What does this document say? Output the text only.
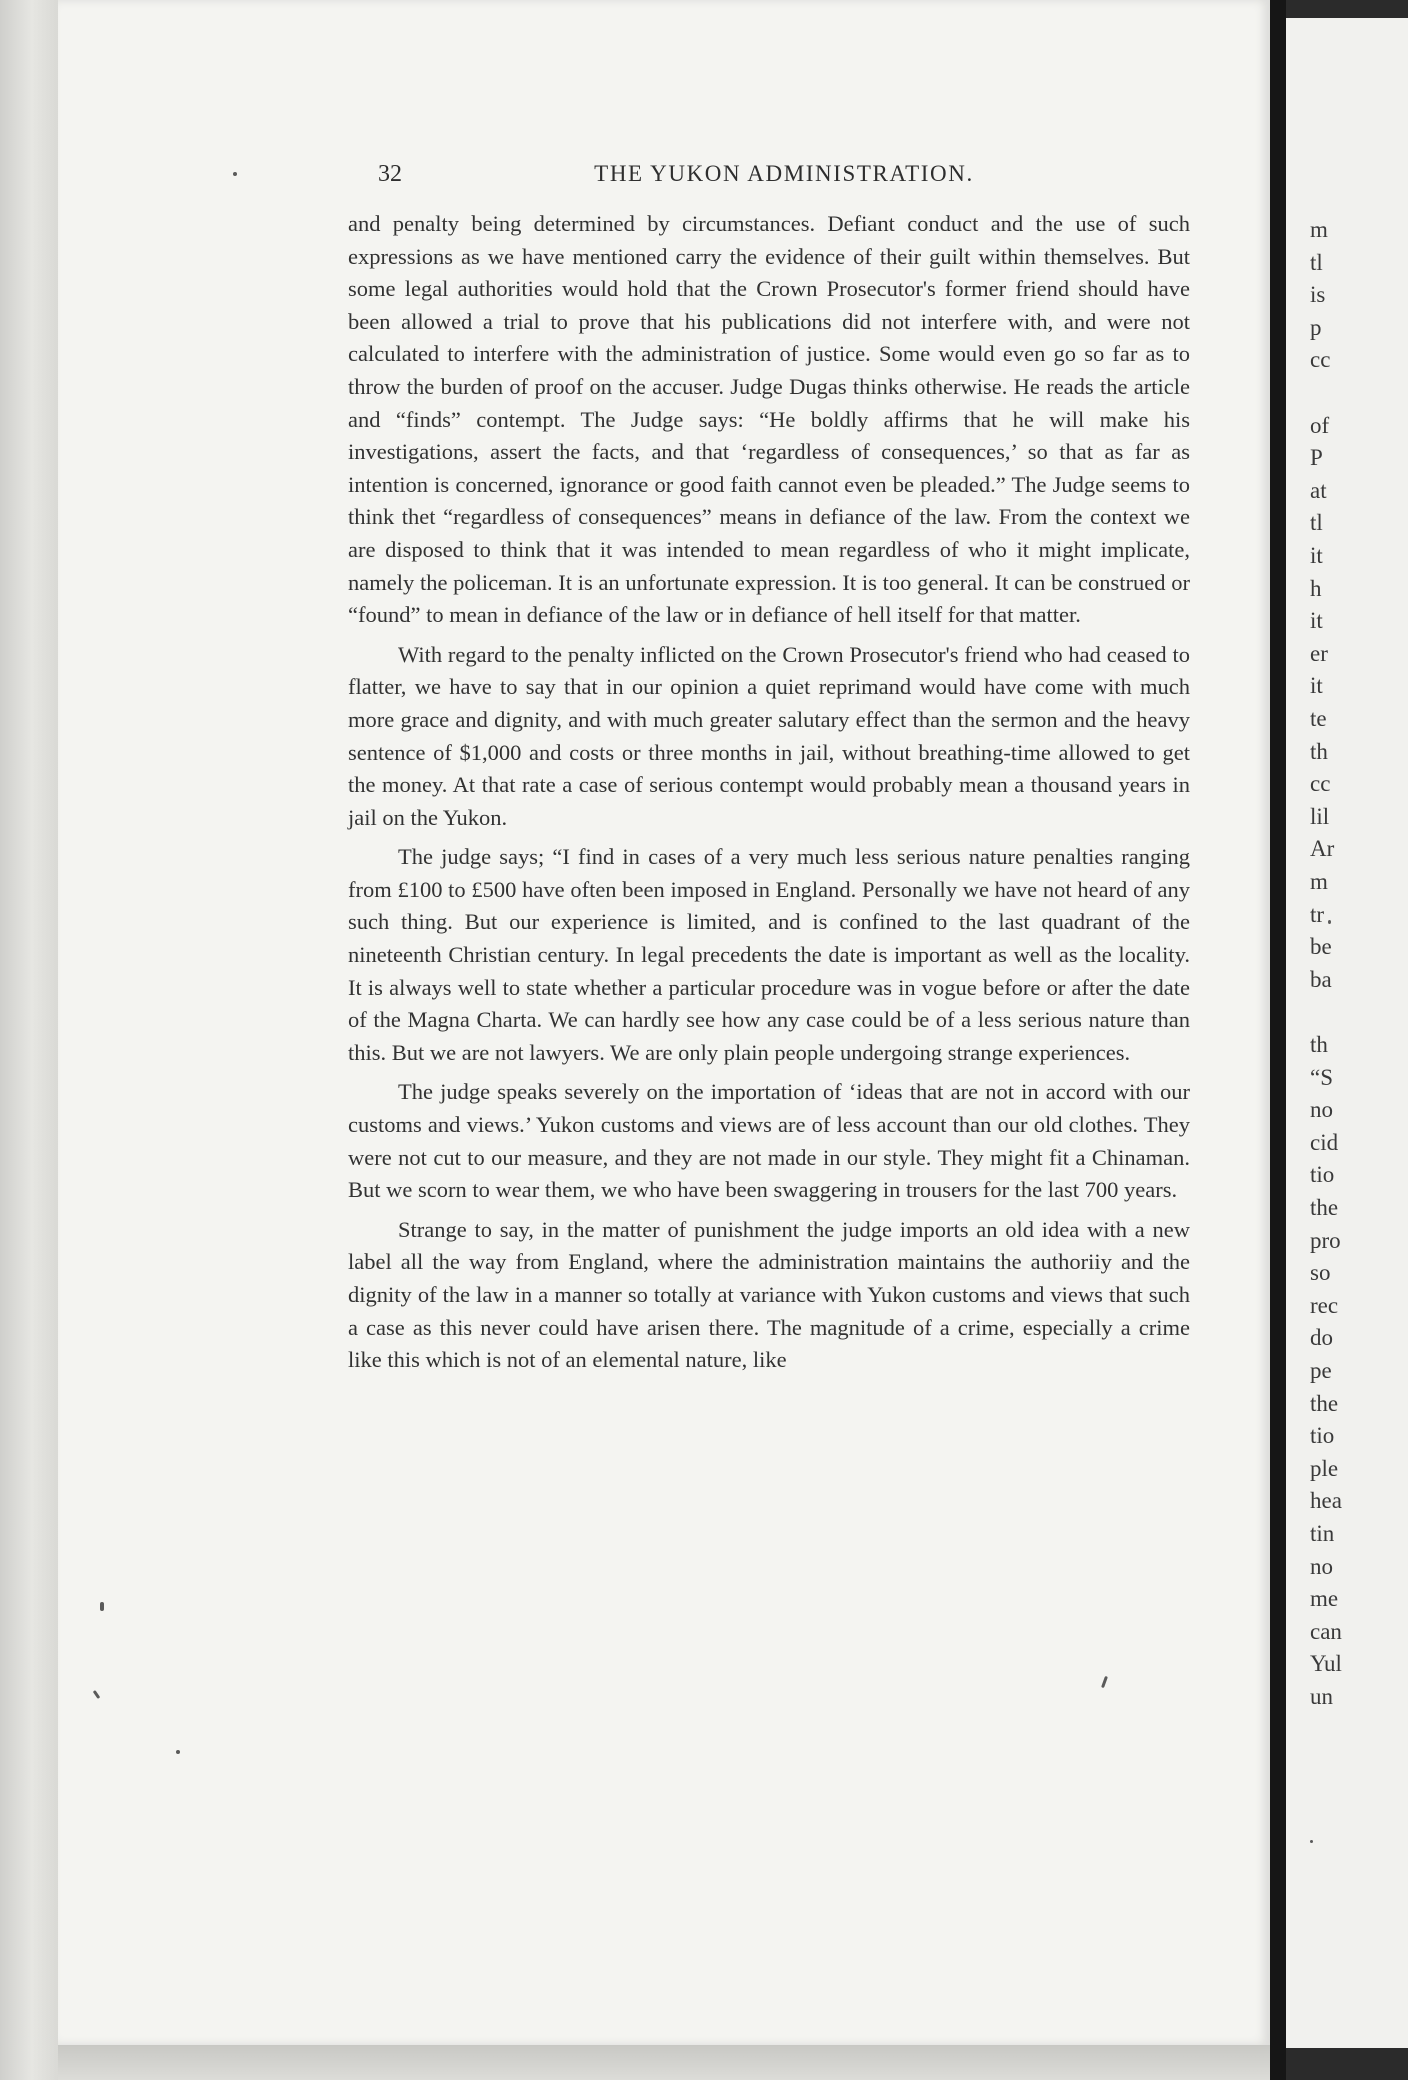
m
tl
is
p
cc
of
P
at
tl
it
h
it
er
it
te
th
cc
lil
Ar
m
tr
be
ba
th
“S
no
cid
tio
the
pro
so
rec
do
pe
the
tio
ple
hea
tin
no
me
can
Yul
un
32	THE YUKON ADMINISTRATION.

and penalty being determined by circumstances. Defiant conduct and the use of such expressions as we have mentioned carry the evidence of their guilt within themselves. But some legal authorities would hold that the Crown Prosecutor's former friend should have been allowed a trial to prove that his publications did not interfere with, and were not calculated to interfere with the administration of justice. Some would even go so far as to throw the burden of proof on the accuser. Judge Dugas thinks otherwise. He reads the article and “finds” contempt. The Judge says: “He boldly affirms that he will make his investigations, assert the facts, and that ‘regardless of consequences,’ so that as far as intention is concerned, ignorance or good faith cannot even be pleaded.” The Judge seems to think thet “regardless of consequences” means in defiance of the law. From the context we are disposed to think that it was intended to mean regardless of who it might implicate, namely the policeman. It is an unfortunate expression. It is too general. It can be construed or “found” to mean in defiance of the law or in defiance of hell itself for that matter.

With regard to the penalty inflicted on the Crown Prosecutor's friend who had ceased to flatter, we have to say that in our opinion a quiet reprimand would have come with much more grace and dignity, and with much greater salutary effect than the sermon and the heavy sentence of $1,000 and costs or three months in jail, without breathing-time allowed to get the money. At that rate a case of serious contempt would probably mean a thousand years in jail on the Yukon.

The judge says; “I find in cases of a very much less serious nature penalties ranging from £100 to £500 have often been imposed in England. Personally we have not heard of any such thing. But our experience is limited, and is confined to the last quadrant of the nineteenth Christian century. In legal precedents the date is important as well as the locality. It is always well to state whether a particular procedure was in vogue before or after the date of the Magna Charta. We can hardly see how any case could be of a less serious nature than this. But we are not lawyers. We are only plain people undergoing strange experiences.

The judge speaks severely on the importation of ‘ideas that are not in accord with our customs and views.’ Yukon customs and views are of less account than our old clothes. They were not cut to our measure, and they are not made in our style. They might fit a Chinaman. But we scorn to wear them, we who have been swaggering in trousers for the last 700 years.

Strange to say, in the matter of punishment the judge imports an old idea with a new label all the way from England, where the administration maintains the authoriiy and the dignity of the law in a manner so totally at variance with Yukon customs and views that such a case as this never could have arisen there. The magnitude of a crime, especially a crime like this which is not of an elemental nature, like
